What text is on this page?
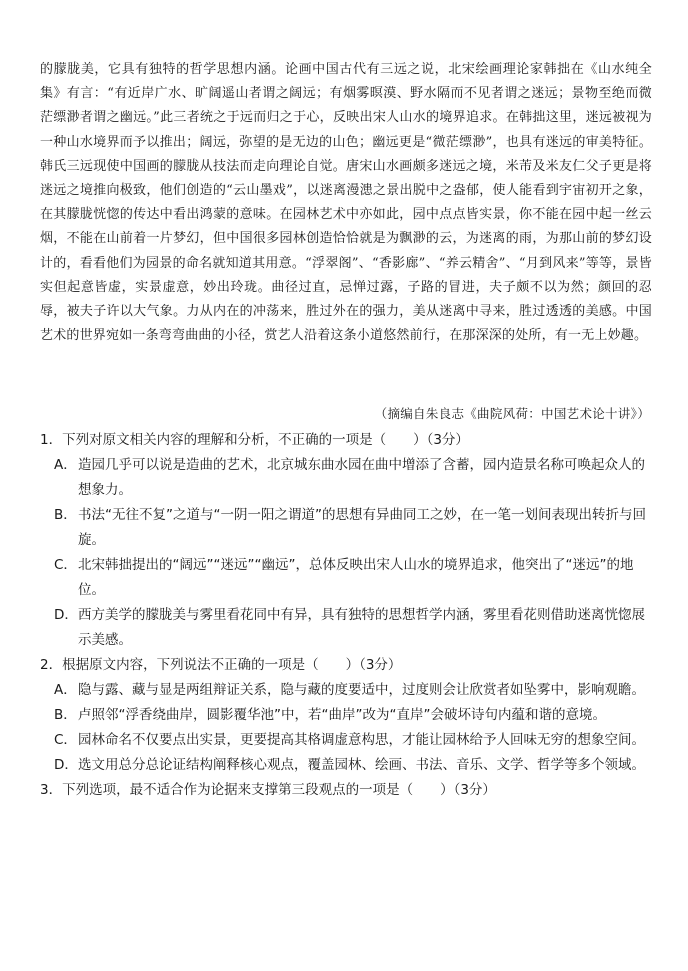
的朦胧美，它具有独特的哲学思想内涵。论画中国古代有三远之说，北宋绘画理论家韩拙在《山水纯全集》有言：“有近岸广水、旷阔遥山者谓之阔远；有烟雾暝漠、野水隔而不见者谓之迷远；景物至绝而微茫缥渺者谓之幽远。”此三者统之于远而归之于心，反映出宋人山水的境界追求。在韩拙这里，迷远被视为一种山水境界而予以推出；阔远，弥望的是无边的山色；幽远更是“微茫缥渺”，也具有迷远的审美特征。韩氏三远现使中国画的朦胧从技法而走向理论自觉。唐宋山水画颇多迷远之境，米芾及米友仁父子更是将迷远之境推向极致，他们创造的“云山墨戏”，以迷离漫漶之景出脱中之盎郁，使人能看到宇宙初开之象，在其朦胧恍惚的传达中看出鸿蒙的意味。在园林艺术中亦如此，园中点点皆实景，你不能在园中起一丝云烟，不能在山前着一片梦幻，但中国很多园林创造恰恰就是为飘渺的云，为迷离的雨，为那山前的梦幻设计的，看看他们为园景的命名就知道其用意。“浮翠阁”、“香影廊”、“养云精舍”、“月到风来”等等，景皆实但起意皆虚，实景虚意，妙出玲珑。曲径过直，忌惮过露，子路的冒进，夫子颇不以为然；颜回的忍辱，被夫子许以大气象。力从内在的冲荡来，胜过外在的强力，美从迷离中寻来，胜过透透的美感。中国艺术的世界宛如一条弯弯曲曲的小径，赏艺人沿着这条小道悠然前行，在那深深的处所，有一无上妙趣。

（摘编自朱良志《曲院风荷：中国艺术论十讲》）

1．下列对原文相关内容的理解和分析，不正确的一项是（　　）（3分）

A．造园几乎可以说是造曲的艺术，北京城东曲水园在曲中增添了含蓄，园内造景名称可唤起众人的想象力。

B．书法“无往不复”之道与“一阴一阳之谓道”的思想有异曲同工之妙，在一笔一划间表现出转折与回旋。

C．北宋韩拙提出的“阔远”“迷远”“幽远”，总体反映出宋人山水的境界追求，他突出了“迷远”的地位。

D．西方美学的朦胧美与雾里看花同中有异，具有独特的思想哲学内涵，雾里看花则借助迷离恍惚展示美感。

2．根据原文内容，下列说法不正确的一项是（　　）（3分）

A．隐与露、藏与显是两组辩证关系，隐与藏的度要适中，过度则会让欣赏者如坠雾中，影响观瞻。

B．卢照邻“浮香绕曲岸，圆影覆华池”中，若“曲岸”改为“直岸”会破坏诗句内蕴和谐的意境。

C．园林命名不仅要点出实景，更要提高其格调虚意构思，才能让园林给予人回味无穷的想象空间。

D．选文用总分总论证结构阐释核心观点，覆盖园林、绘画、书法、音乐、文学、哲学等多个领域。

3．下列选项，最不适合作为论据来支撑第三段观点的一项是（　　）（3分）
